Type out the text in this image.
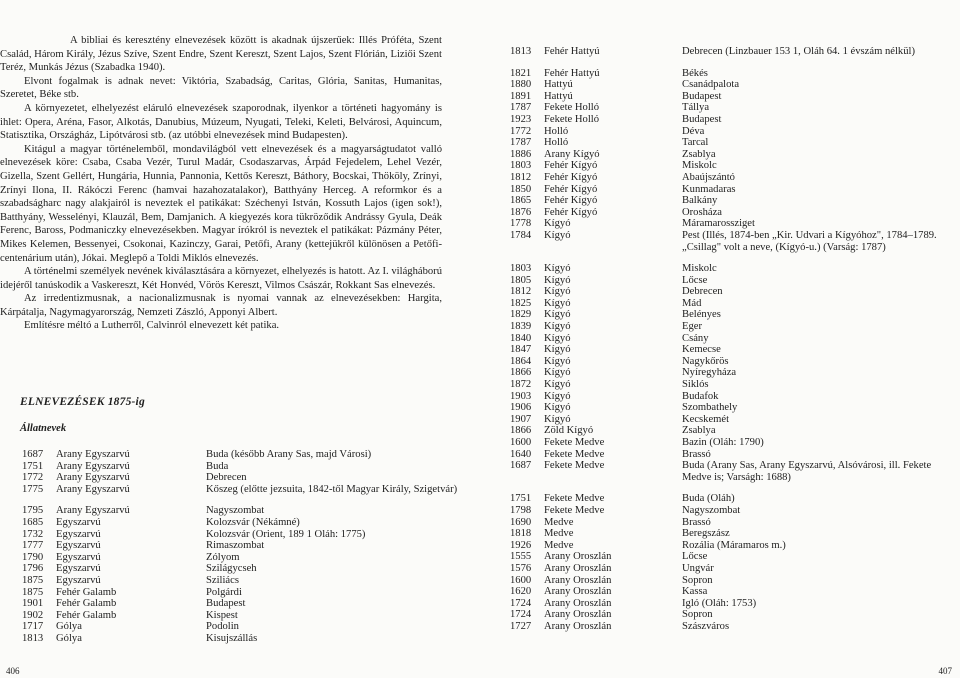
A bibliai és keresztény elnevezések között is akadnak újszerűek: Illés Próféta, Szent Család, Három Király, Jézus Szíve, Szent Endre, Szent Kereszt, Szent Lajos, Szent Flórián, Liziői Szent Teréz, Munkás Jézus (Szabadka 1940).

Elvont fogalmak is adnak nevet: Viktória, Szabadság, Caritas, Glória, Sanitas, Humanitas, Szeretet, Béke stb.

A környezetet, elhelyezést eláruló elnevezések szaporodnak, ilyenkor a történeti hagyomány is ihlet: Opera, Aréna, Fasor, Alkotás, Danubius, Múzeum, Nyugati, Teleki, Keleti, Belvárosi, Aquincum, Statisztika, Országház, Lipótvárosi stb. (az utóbbi elnevezések mind Budapesten).

Kitágul a magyar történelemből, mondavilágból vett elnevezések és a magyarságtudatot valló elnevezések köre: Csaba, Csaba Vezér, Turul Madár, Csodaszarvas, Árpád Fejedelem, Lehel Vezér, Gizella, Szent Gellért, Hungária, Hunnia, Pannonia, Kettős Kereszt, Báthory, Bocskai, Thököly, Zrínyi, Zrínyi Ilona, II. Rákóczi Ferenc (hamvai hazahozatalakor), Batthyány Herceg. A reformkor és a szabadságharc nagy alakjairól is neveztek el patikákat: Széchenyi István, Kossuth Lajos (igen sok!), Batthyány, Wesselényi, Klauzál, Bem, Damjanich. A kiegyezés kora tükröződik Andrássy Gyula, Deák Ferenc, Baross, Podmaniczky elnevezésekben. Magyar írókról is neveztek el patikákat: Pázmány Péter, Mikes Kelemen, Bessenyei, Csokonai, Kazinczy, Garai, Petőfi, Arany (kettejükről különösen a Petőfi-centenárium után), Jókai. Meglepő a Toldi Miklós elnevezés.

A történelmi személyek nevének kiválasztására a környezet, elhelyezés is hatott. Az I. világháború idejéről tanúskodik a Vaskereszt, Két Honvéd, Vörös Kereszt, Vilmos Császár, Rokkant Sas elnevezés.

Az irredentizmusnak, a nacionalizmusnak is nyomai vannak az elnevezésekben: Hargita, Kárpátalja, Nagymagyarország, Nemzeti Zászló, Apponyi Albert.

Említésre méltó a Lutherről, Calvinról elnevezett két patika.

ELNEVEZÉSEK 1875-ig
Állatnevek
1687 Arany Egyszarvú	Buda (később Arany Sas, majd Városi)
1751 Arany Egyszarvú	Buda
1772 Arany Egyszarvú	Debrecen
1775 Arany Egyszarvú	Kőszeg (előtte jezsuita, 1842-től Magyar Király, Szigetvár)
1795 Arany Egyszarvú	Nagyszombat
1685 Egyszarvú	Kolozsvár (Nékámné)
1732 Egyszarvú	Kolozsvár (Orient, 189 1 Oláh: 1775)
1777 Egyszarvú	Rimaszombat
1790 Egyszarvú	Zólyom
1796 Egyszarvú	Szilágycseh
1875 Egyszarvú	Sziliács
1875 Fehér Galamb	Polgárdi
1901 Fehér Galamb	Budapest
1902 Fehér Galamb	Kispest
1717 Gólya	Podolin
1813 Gólya	Kisujszállás
406
1813 Fehér Hattyú	Debrecen (Linzbauer 153 1, Oláh 64. 1 évszám nélkül)
1821 Fehér Hattyú	Békés
1880 Hattyú	Csanádpalota
1891 Hattyú	Budapest
1787 Fekete Holló	Tállya
1923 Fekete Holló	Budapest
1772 Holló	Déva
1787 Holló	Tarcal
1886 Arany Kígyó	Zsablya
1803 Fehér Kígyó	Miskolc
1812 Fehér Kígyó	Abaújszántó
1850 Fehér Kígyó	Kunmadaras
1865 Fehér Kígyó	Balkány
1876 Fehér Kígyó	Orosháza
1778 Kígyó	Máramarossziget
1784 Kígyó	Pest (Illés, 1874-ben „Kir. Udvari a Kígyóhoz", 1784–1789. „Csillag" volt a neve, (Kígyó-u.) (Varság: 1787)
1803 Kígyó	Miskolc
1805 Kígyó	Lőcse
1812 Kígyó	Debrecen
1825 Kígyó	Mád
1829 Kígyó	Belényes
1839 Kígyó	Eger
1840 Kígyó	Csány
1847 Kígyó	Kemecse
1864 Kígyó	Nagykőrös
1866 Kígyó	Nyíregyháza
1872 Kígyó	Siklós
1903 Kígyó	Budafok
1906 Kígyó	Szombathely
1907 Kígyó	Kecskemét
1866 Zöld Kígyó	Zsablya
1600 Fekete Medve	Bazin (Oláh: 1790)
1640 Fekete Medve	Brassó
1687 Fekete Medve	Buda (Arany Sas, Arany Egyszarvú, Alsóvárosi, ill. Fekete Medve is; Varságh: 1688)
1751 Fekete Medve	Buda (Oláh)
1798 Fekete Medve	Nagyszombat
1690 Medve	Brassó
1818 Medve	Beregszász
1926 Medve	Rozália (Máramaros m.)
1555 Arany Oroszlán	Lőcse
1576 Arany Oroszlán	Ungvár
1600 Arany Oroszlán	Sopron
1620 Arany Oroszlán	Kassa
1724 Arany Oroszlán	Igló (Oláh: 1753)
1724 Arany Oroszlán	Sopron
1727 Arany Oroszlán	Szászváros
407
